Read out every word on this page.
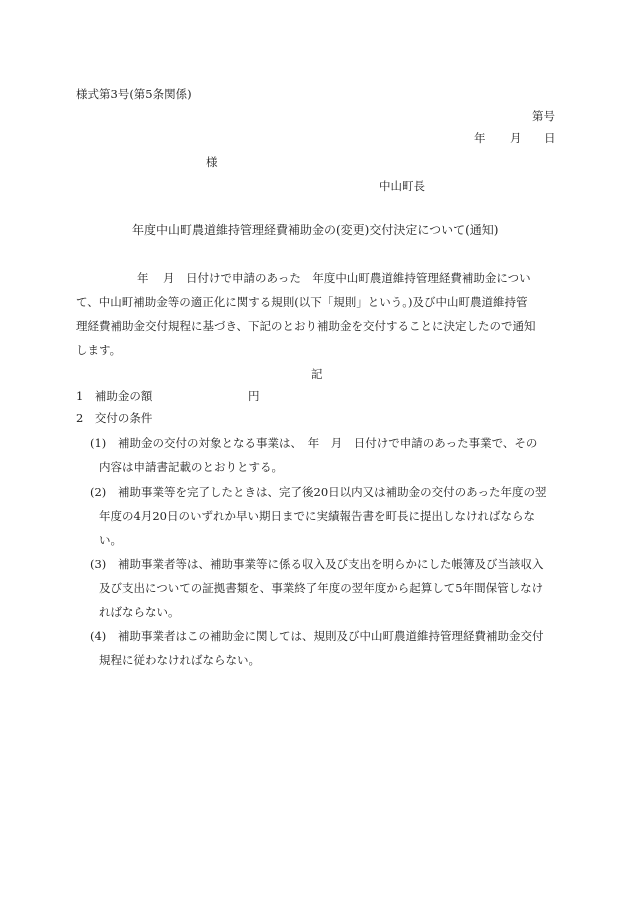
様式第3号(第5条関係)
第号
年 月 日
様
中山町長
年度中山町農道維持管理経費補助金の(変更)交付決定について(通知)
年 月 日付けで申請のあった　年度中山町農道維持管理経費補助金につい
て、中山町補助金等の適正化に関する規則(以下「規則」という。)及び中山町農道維持管
理経費補助金交付規程に基づき、下記のとおり補助金を交付することに決定したので通知
します。
記
1　補助金の額	円
2　交付の条件
(1) 補助金の交付の対象となる事業は、　年　月　日付けで申請のあった事業で、その
内容は申請書記載のとおりとする。
(2) 補助事業等を完了したときは、完了後20日以内又は補助金の交付のあった年度の翌
年度の4月20日のいずれか早い期日までに実績報告書を町長に提出しなければならな
い。
(3) 補助事業者等は、補助事業等に係る収入及び支出を明らかにした帳簿及び当該収入
及び支出についての証拠書類を、事業終了年度の翌年度から起算して5年間保管しなけ
ればならない。
(4) 補助事業者はこの補助金に関しては、規則及び中山町農道維持管理経費補助金交付
規程に従わなければならない。
